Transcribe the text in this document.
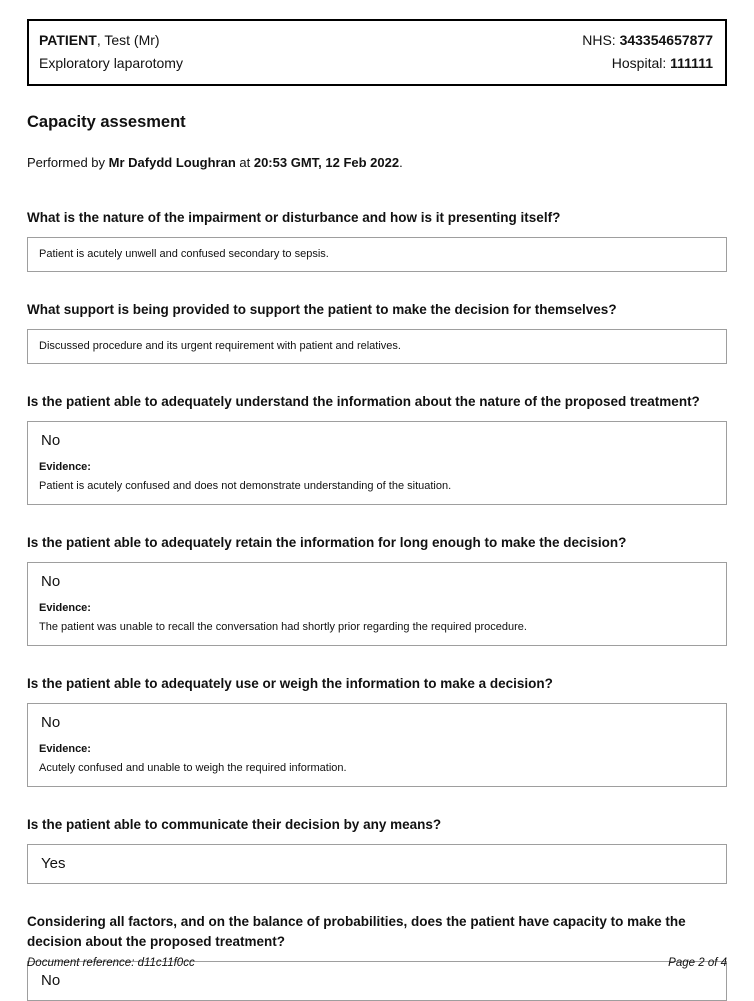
PATIENT, Test (Mr)
Exploratory laparotomy
NHS: 343354657877
Hospital: 111111
Capacity assesment

Performed by Mr Dafydd Loughran at 20:53 GMT, 12 Feb 2022.

What is the nature of the impairment or disturbance and how is it presenting itself?

Patient is acutely unwell and confused secondary to sepsis.

What support is being provided to support the patient to make the decision for themselves?

Discussed procedure and its urgent requirement with patient and relatives.

Is the patient able to adequately understand the information about the nature of the proposed treatment?

No

Evidence:

Patient is acutely confused and does not demonstrate understanding of the situation.

Is the patient able to adequately retain the information for long enough to make the decision?

No

Evidence:

The patient was unable to recall the conversation had shortly prior regarding the required procedure.

Is the patient able to adequately use or weigh the information to make a decision?

No

Evidence:

Acutely confused and unable to weigh the required information.

Is the patient able to communicate their decision by any means?

Yes

Considering all factors, and on the balance of probabilities, does the patient have capacity to make the decision about the proposed treatment?

No

Document reference: d11c11f0cc	Page 2 of 4
